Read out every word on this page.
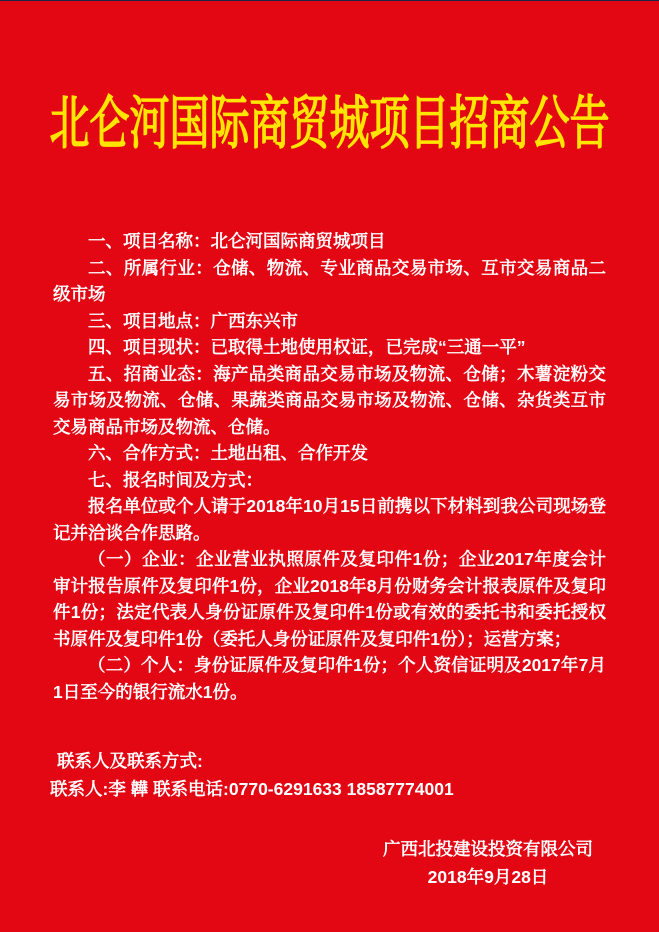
北仑河国际商贸城项目招商公告

一、项目名称：北仑河国际商贸城项目

二、所属行业：仓储、物流、专业商品交易市场、互市交易商品二级市场

三、项目地点：广西东兴市

四、项目现状：已取得土地使用权证，已完成“三通一平”

五、招商业态：海产品类商品交易市场及物流、仓储；木薯淀粉交易市场及物流、仓储、果蔬类商品交易市场及物流、仓储、杂货类互市交易商品市场及物流、仓储。

六、合作方式：土地出租、合作开发

七、报名时间及方式：

报名单位或个人请于2018年10月15日前携以下材料到我公司现场登记并洽谈合作思路。

（一）企业：企业营业执照原件及复印件1份；企业2017年度会计审计报告原件及复印件1份，企业2018年8月份财务会计报表原件及复印件1份；法定代表人身份证原件及复印件1份或有效的委托书和委托授权书原件及复印件1份（委托人身份证原件及复印件1份）；运营方案；

（二）个人：身份证原件及复印件1份；个人资信证明及2017年7月1日至今的银行流水1份。

联系人及联系方式:
联系人:李 韡 联系电话:0770-6291633 18587774001
广西北投建设投资有限公司
2018年9月28日
